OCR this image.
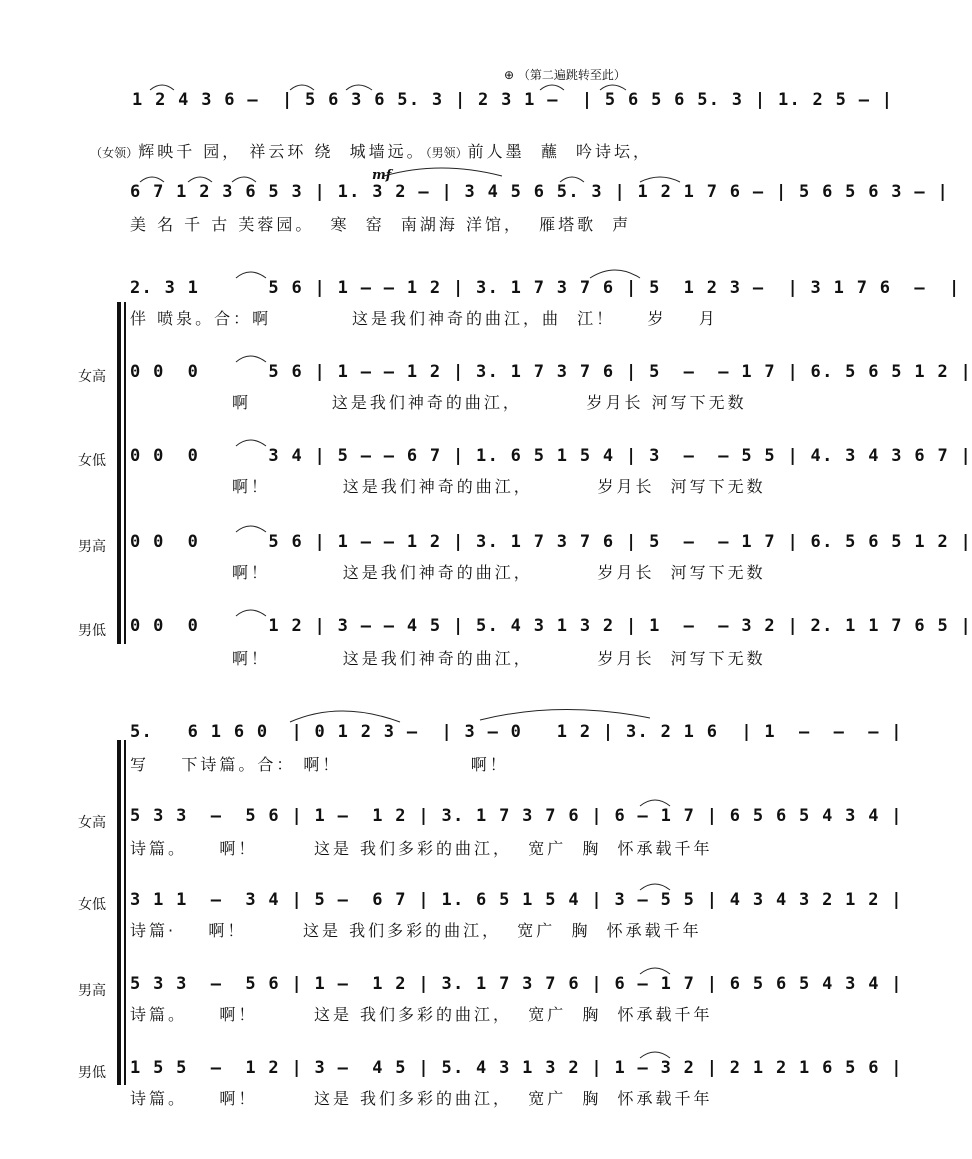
⊕ （第二遍跳转至此）
1 2 4 3 6 –  | 5 6 3 6 5. 3 | 2 3 1 –  | 5 6 5 6 5. 3 | 1. 2 5 – |

（女领）辉映千 园， 祥云环 绕  城墙远。（男领）前人墨  蘸  吟诗坛，

mf
6 7 1 2 3 6 5 3 | 1. 3 2 – | 3 4 5 6 5. 3 | 1 2 1 7 6 – | 5 6 5 6 3 – |
美 名 千 古 芙蓉园。  寒  窑  南湖海 洋馆，  雁塔歌  声
2. 3 1      5 6 | 1 – – 1 2 | 3. 1 7 3 7 6 | 5  1 2 3 –  | 3 1 7 6  –  |
伴 喷泉。合：啊          这是我们神奇的曲江，曲  江！    岁    月
女高 0 0  0      5 6 | 1 – – 1 2 | 3. 1 7 3 7 6 | 5  –  – 1 7 | 6. 5 6 5 1 2 |
啊          这是我们神奇的曲江，        岁月长 河写下无数
女低 0 0  0      3 4 | 5 – – 6 7 | 1. 6 5 1 5 4 | 3  –  – 5 5 | 4. 3 4 3 6 7 |
啊！         这是我们神奇的曲江，        岁月长  河写下无数
男高 0 0  0      5 6 | 1 – – 1 2 | 3. 1 7 3 7 6 | 5  –  – 1 7 | 6. 5 6 5 1 2 |
啊！         这是我们神奇的曲江，        岁月长  河写下无数
男低 0 0  0      1 2 | 3 – – 4 5 | 5. 4 3 1 3 2 | 1  –  – 3 2 | 2. 1 1 7 6 5 |
啊！         这是我们神奇的曲江，        岁月长  河写下无数
5.   6 1 6 0  | 0 1 2 3 –  | 3 – 0   1 2 | 3. 2 1 6  | 1  –  –  – |
写    下诗篇。合： 啊！                啊！
女高 5 3 3  –  5 6 | 1 –  1 2 | 3. 1 7 3 7 6 | 6 – 1 7 | 6 5 6 5 4 3 4 |
诗篇。    啊！       这是 我们多彩的曲江，  宽广  胸  怀承载千年
女低 3 1 1  –  3 4 | 5 –  6 7 | 1. 6 5 1 5 4 | 3 – 5 5 | 4 3 4 3 2 1 2 |
诗篇·    啊！       这是 我们多彩的曲江，  宽广  胸  怀承载千年
男高 5 3 3  –  5 6 | 1 –  1 2 | 3. 1 7 3 7 6 | 6 – 1 7 | 6 5 6 5 4 3 4 |
诗篇。    啊！       这是 我们多彩的曲江，  宽广  胸  怀承载千年
男低 1 5 5  –  1 2 | 3 –  4 5 | 5. 4 3 1 3 2 | 1 – 3 2 | 2 1 2 1 6 5 6 |
诗篇。    啊！       这是 我们多彩的曲江，  宽广  胸  怀承载千年
